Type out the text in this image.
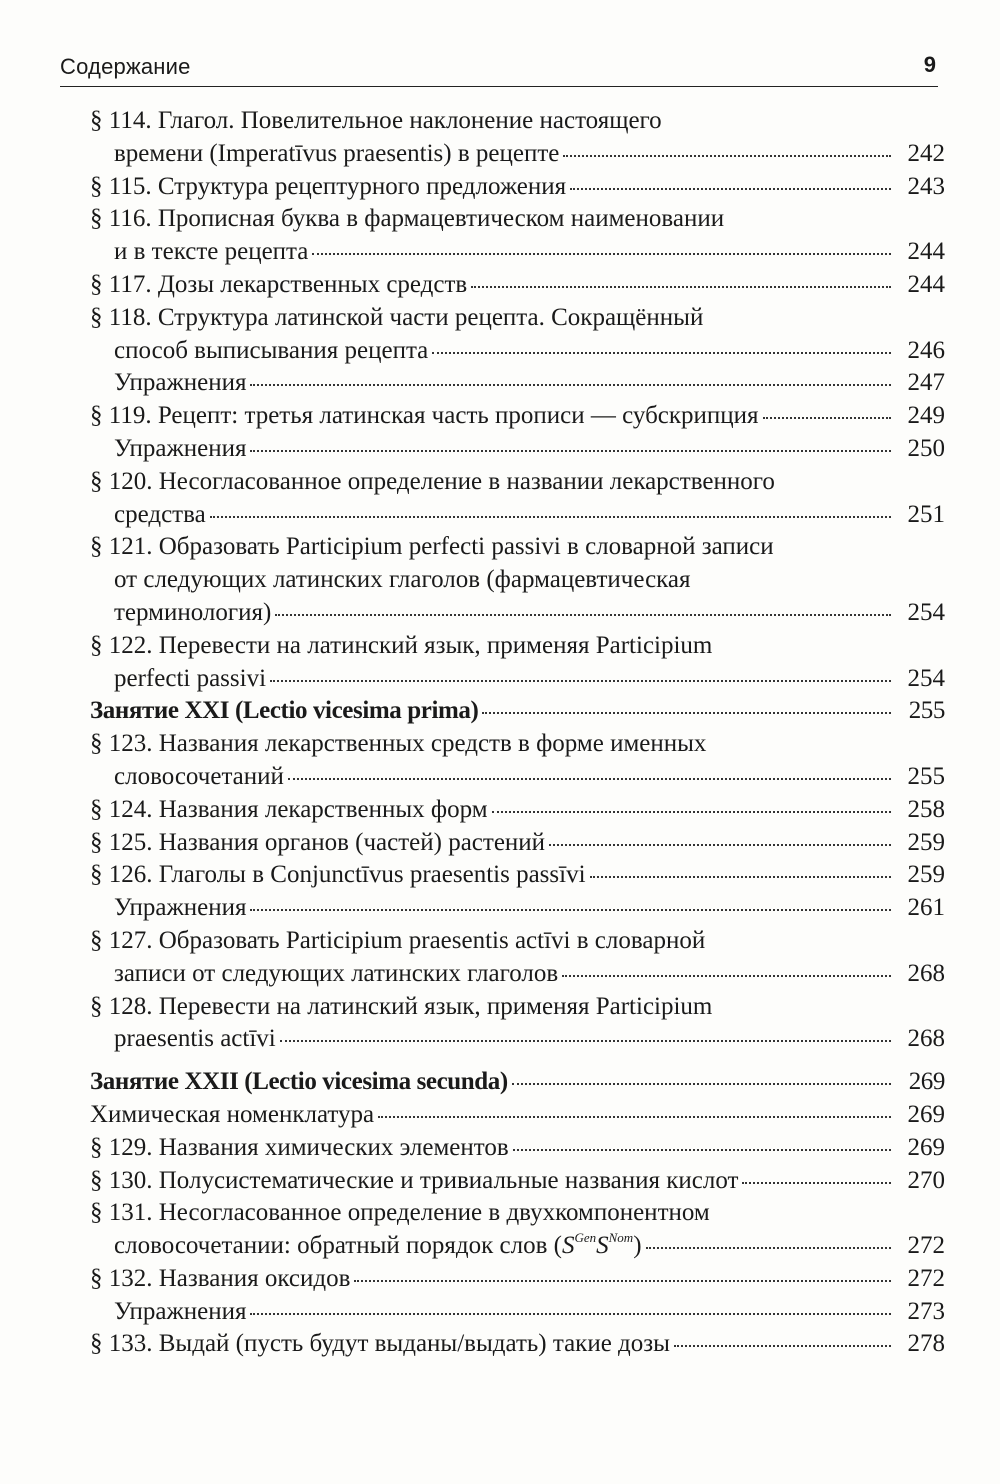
Содержание	9
§ 114. Глагол. Повелительное наклонение настоящего
времени (Imperatīvus praesentis) в рецепте	242
§ 115. Структура рецептурного предложения	243
§ 116. Прописная буква в фармацевтическом наименовании
и в тексте рецепта	244
§ 117. Дозы лекарственных средств	244
§ 118. Структура латинской части рецепта. Сокращённый
способ выписывания рецепта	246
Упражнения	247
§ 119. Рецепт: третья латинская часть прописи — субскрипция	249
Упражнения	250
§ 120. Несогласованное определение в названии лекарственного
средства	251
§ 121. Образовать Participium perfecti passivi в словарной записи
от следующих латинских глаголов (фармацевтическая
терминология)	254
§ 122. Перевести на латинский язык, применяя Participium
perfecti passivi	254
Занятие XXI (Lectio vicesima prima)	255
§ 123. Названия лекарственных средств в форме именных
словосочетаний	255
§ 124. Названия лекарственных форм	258
§ 125. Названия органов (частей) растений	259
§ 126. Глаголы в Conjunctīvus praesentis passīvi	259
Упражнения	261
§ 127. Образовать Participium praesentis actīvi в словарной
записи от следующих латинских глаголов	268
§ 128. Перевести на латинский язык, применяя Participium
praesentis actīvi	268
Занятие XXII (Lectio vicesima secunda)	269
Химическая номенклатура	269
§ 129. Названия химических элементов	269
§ 130. Полусистематические и тривиальные названия кислот	270
§ 131. Несогласованное определение в двухкомпонентном
словосочетании: обратный порядок слов $(S^{Gen}S^{Nom})$	272
§ 132. Названия оксидов	272
Упражнения	273
§ 133. Выдай (пусть будут выданы/выдать) такие дозы	278
